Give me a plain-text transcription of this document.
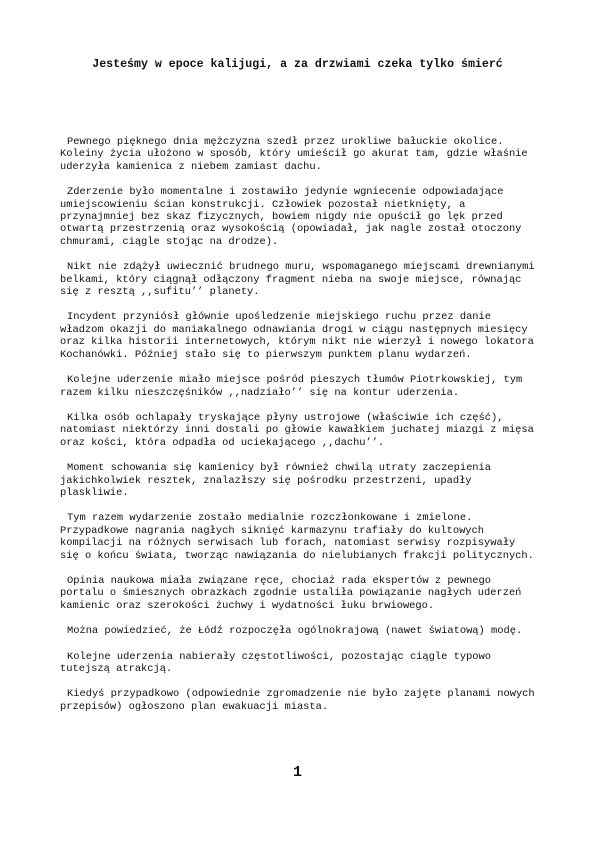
Jesteśmy w epoce kalijugi, a za drzwiami czeka tylko śmierć

Pewnego pięknego dnia mężczyzna szedł przez urokliwe bałuckie okolice. Koleiny życia ułożono w sposób, który umieścił go akurat tam, gdzie właśnie uderzyła kamienica z niebem zamiast dachu.

Zderzenie było momentalne i zostawiło jedynie wgniecenie odpowiadające umiejscowieniu ścian konstrukcji. Człowiek pozostał nietknięty, a przynajmniej bez skaz fizycznych, bowiem nigdy nie opuścił go lęk przed otwartą przestrzenią oraz wysokością (opowiadał, jak nagle został otoczony chmurami, ciągle stojąc na drodze).

Nikt nie zdążył uwiecznić brudnego muru, wspomaganego miejscami drewnianymi belkami, który ciągnął odłączony fragment nieba na swoje miejsce, równając się z resztą ,,sufitu’’ planety.

Incydent przyniósł głównie upośledzenie miejskiego ruchu przez danie władzom okazji do maniakalnego odnawiania drogi w ciągu następnych miesięcy oraz kilka historii internetowych, którym nikt nie wierzył i nowego lokatora Kochanówki. Później stało się to pierwszym punktem planu wydarzeń.

Kolejne uderzenie miało miejsce pośród pieszych tłumów Piotrkowskiej, tym razem kilku nieszczęśników ,,nadziało’’ się na kontur uderzenia.

Kilka osób ochlapały tryskające płyny ustrojowe (właściwie ich część), natomiast niektórzy inni dostali po głowie kawałkiem juchatej miazgi z mięsa oraz kości, która odpadła od uciekającego ,,dachu’’.

Moment schowania się kamienicy był również chwilą utraty zaczepienia jakichkolwiek resztek, znalazłszy się pośrodku przestrzeni, upadły plaskliwie.

Tym razem wydarzenie zostało medialnie rozczłonkowane i zmielone. Przypadkowe nagrania nagłych siknięć karmazynu trafiały do kultowych kompilacji na różnych serwisach lub forach, natomiast serwisy rozpisywały się o końcu świata, tworząc nawiązania do nielubianych frakcji politycznych.

Opinia naukowa miała związane ręce, chociaż rada ekspertów z pewnego portalu o śmiesznych obrazkach zgodnie ustaliła powiązanie nagłych uderzeń kamienic oraz szerokości żuchwy i wydatności łuku brwiowego.

Można powiedzieć, że Łódź rozpoczęła ogólnokrajową (nawet światową) modę.

Kolejne uderzenia nabierały częstotliwości, pozostając ciągle typowo tutejszą atrakcją.

Kiedyś przypadkowo (odpowiednie zgromadzenie nie było zajęte planami nowych przepisów) ogłoszono plan ewakuacji miasta.

1
